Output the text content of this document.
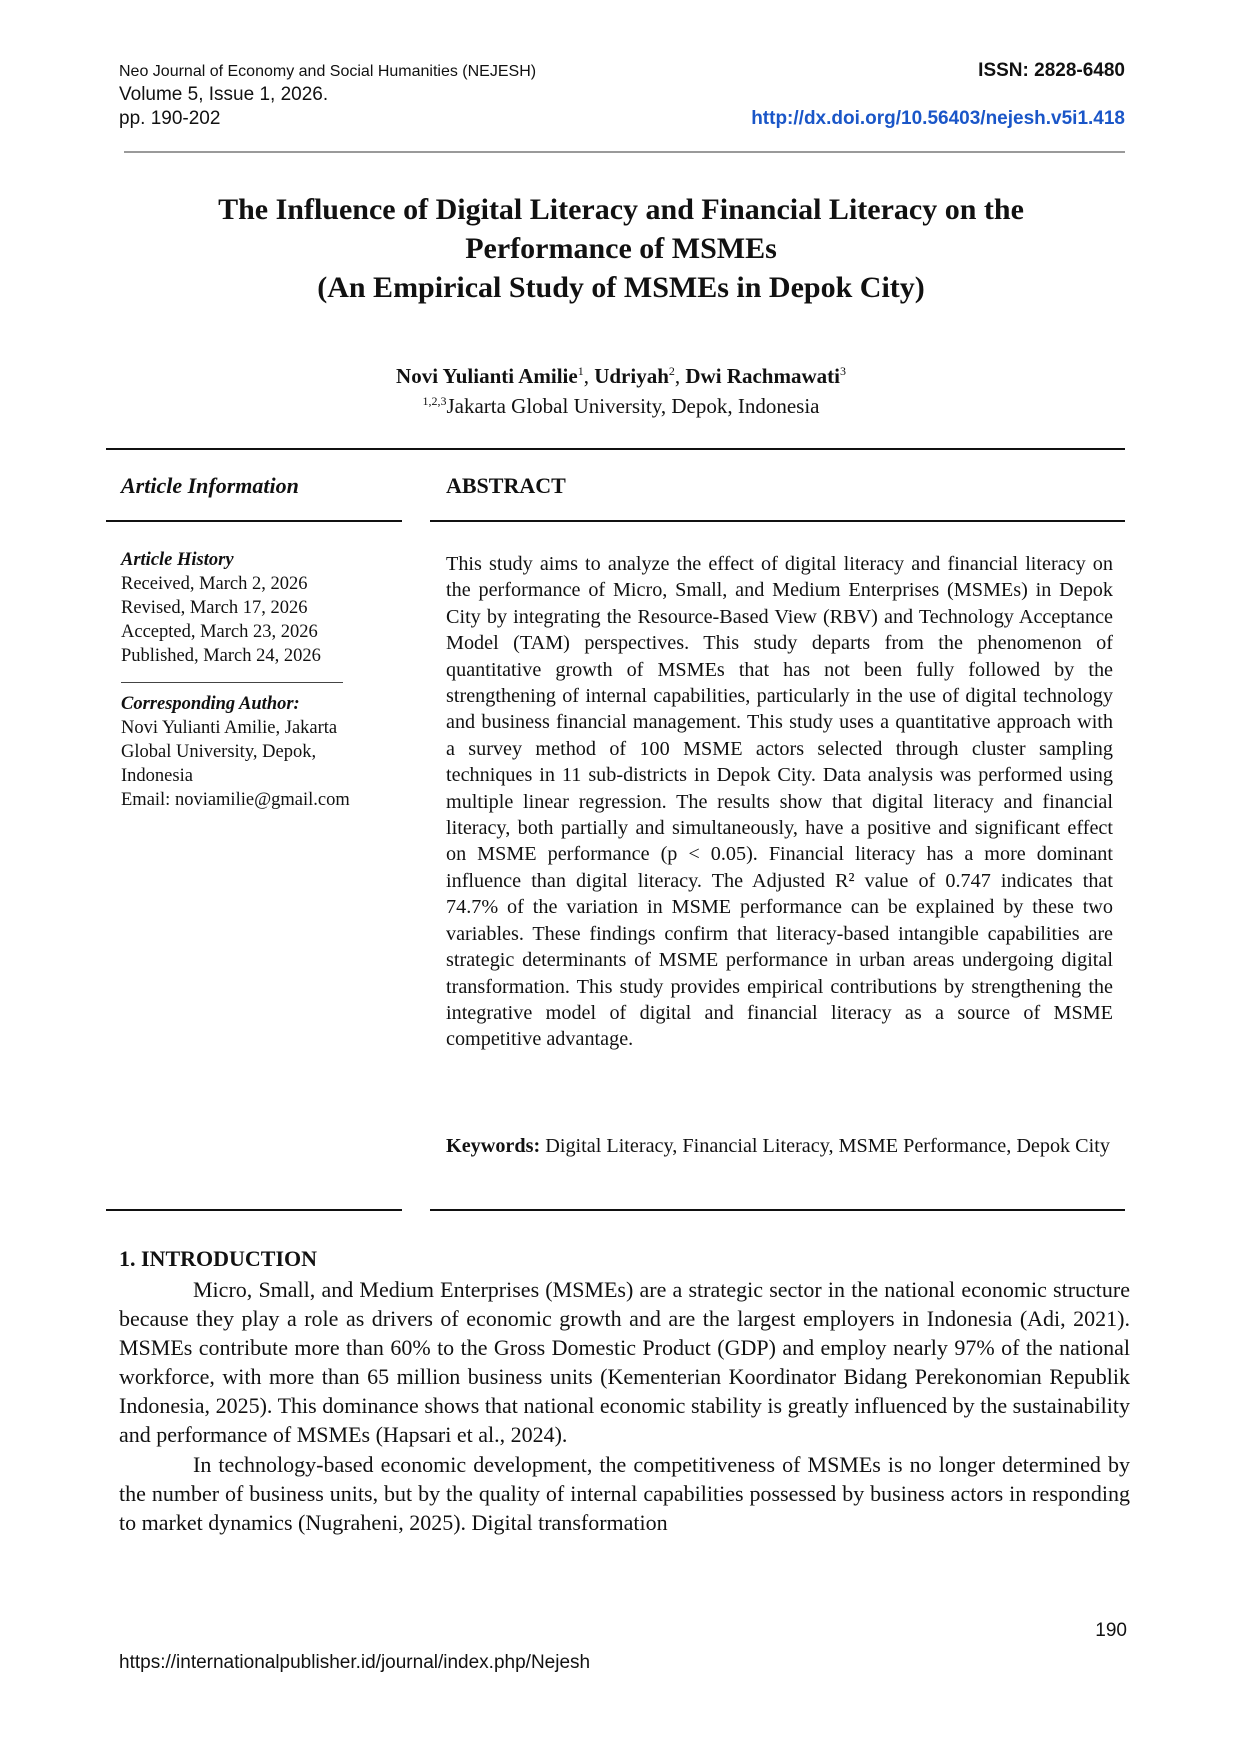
Neo Journal of Economy and Social Humanities (NEJESH)	ISSN: 2828-6480
Volume 5, Issue 1, 2026.
pp. 190-202	http://dx.doi.org/10.56403/nejesh.v5i1.418
The Influence of Digital Literacy and Financial Literacy on the
Performance of MSMEs
(An Empirical Study of MSMEs in Depok City)
Novi Yulianti Amilie$^1$, Udriyah$^2$, Dwi Rachmawati$^3$
$^{1,2,3}$Jakarta Global University, Depok, Indonesia
Article Information	ABSTRACT
Article History
Received, March 2, 2026
Revised, March 17, 2026
Accepted, March 23, 2026
Published, March 24, 2026
Corresponding Author:
Novi Yulianti Amilie, Jakarta
Global University, Depok,
Indonesia
Email: noviamilie@gmail.com
This study aims to analyze the effect of digital literacy and financial literacy on the performance of Micro, Small, and Medium Enterprises (MSMEs) in Depok City by integrating the Resource-Based View (RBV) and Technology Acceptance Model (TAM) perspectives. This study departs from the phenomenon of quantitative growth of MSMEs that has not been fully followed by the strengthening of internal capabilities, particularly in the use of digital technology and business financial management. This study uses a quantitative approach with a survey method of 100 MSME actors selected through cluster sampling techniques in 11 sub-districts in Depok City. Data analysis was performed using multiple linear regression. The results show that digital literacy and financial literacy, both partially and simultaneously, have a positive and significant effect on MSME performance (p < 0.05). Financial literacy has a more dominant influence than digital literacy. The Adjusted R² value of 0.747 indicates that 74.7% of the variation in MSME performance can be explained by these two variables. These findings confirm that literacy-based intangible capabilities are strategic determinants of MSME performance in urban areas undergoing digital transformation. This study provides empirical contributions by strengthening the integrative model of digital and financial literacy as a source of MSME competitive advantage.
Keywords: Digital Literacy, Financial Literacy, MSME Performance, Depok City
1. INTRODUCTION

Micro, Small, and Medium Enterprises (MSMEs) are a strategic sector in the national economic structure because they play a role as drivers of economic growth and are the largest employers in Indonesia (Adi, 2021). MSMEs contribute more than 60% to the Gross Domestic Product (GDP) and employ nearly 97% of the national workforce, with more than 65 million business units (Kementerian Koordinator Bidang Perekonomian Republik Indonesia, 2025). This dominance shows that national economic stability is greatly influenced by the sustainability and performance of MSMEs (Hapsari et al., 2024).

In technology-based economic development, the competitiveness of MSMEs is no longer determined by the number of business units, but by the quality of internal capabilities possessed by business actors in responding to market dynamics (Nugraheni, 2025). Digital transformation

190
https://internationalpublisher.id/journal/index.php/Nejesh
